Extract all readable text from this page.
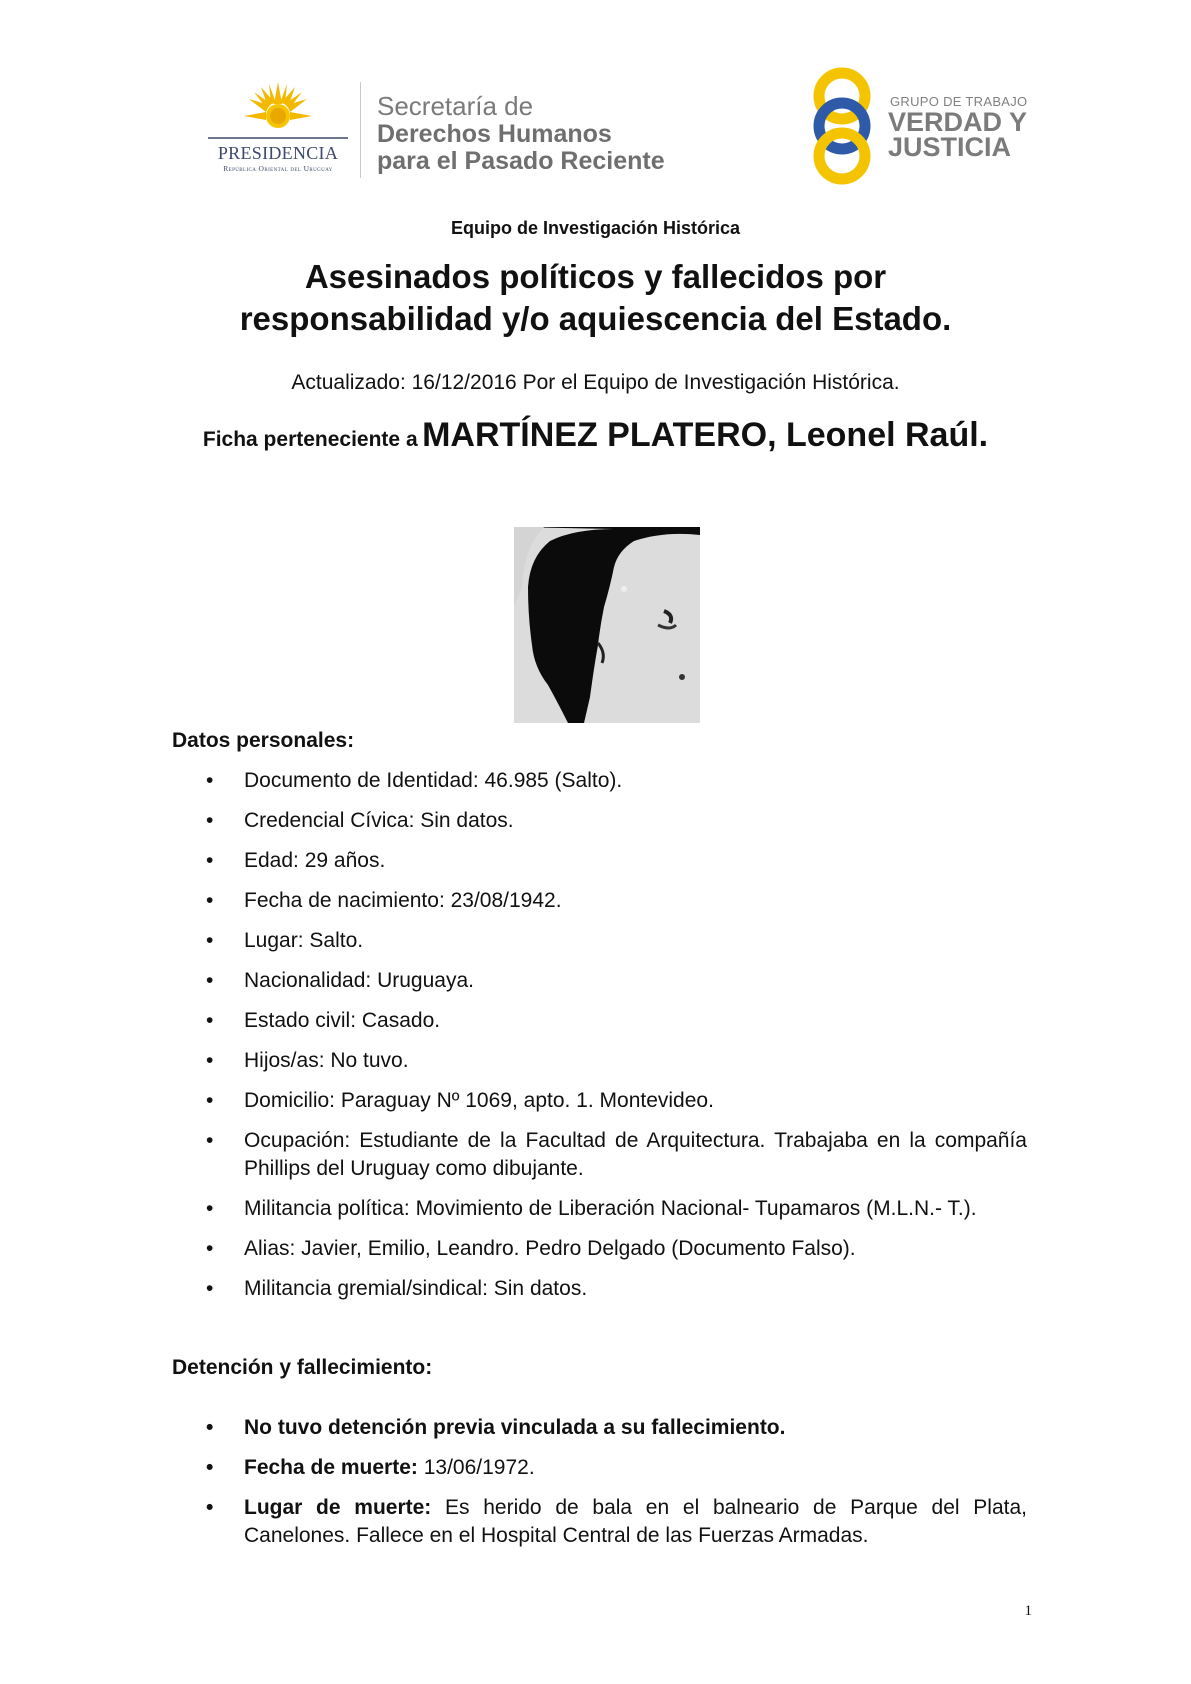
PRESIDENCIA
República Oriental del Uruguay
Secretaría de
Derechos Humanos
para el Pasado Reciente
GRUPO DE TRABAJO
VERDAD Y
JUSTICIA
Equipo de Investigación Histórica
Asesinados políticos y fallecidos por
responsabilidad y/o aquiescencia del Estado.
Actualizado: 16/12/2016 Por el Equipo de Investigación Histórica.
Ficha perteneciente a MARTÍNEZ PLATERO, Leonel Raúl.
Datos personales:
• Documento de Identidad: 46.985 (Salto).
• Credencial Cívica: Sin datos.
• Edad: 29 años.
• Fecha de nacimiento: 23/08/1942.
• Lugar: Salto.
• Nacionalidad: Uruguaya.
• Estado civil: Casado.
• Hijos/as: No tuvo.
• Domicilio: Paraguay Nº 1069, apto. 1. Montevideo.
• Ocupación: Estudiante de la Facultad de Arquitectura. Trabajaba en la compañía Phillips del Uruguay como dibujante.
• Militancia política: Movimiento de Liberación Nacional- Tupamaros (M.L.N.- T.).
• Alias: Javier, Emilio, Leandro. Pedro Delgado (Documento Falso).
• Militancia gremial/sindical: Sin datos.
Detención y fallecimiento:
• No tuvo detención previa vinculada a su fallecimiento.
• Fecha de muerte: 13/06/1972.
• Lugar de muerte: Es herido de bala en el balneario de Parque del Plata, Canelones. Fallece en el Hospital Central de las Fuerzas Armadas.
1
